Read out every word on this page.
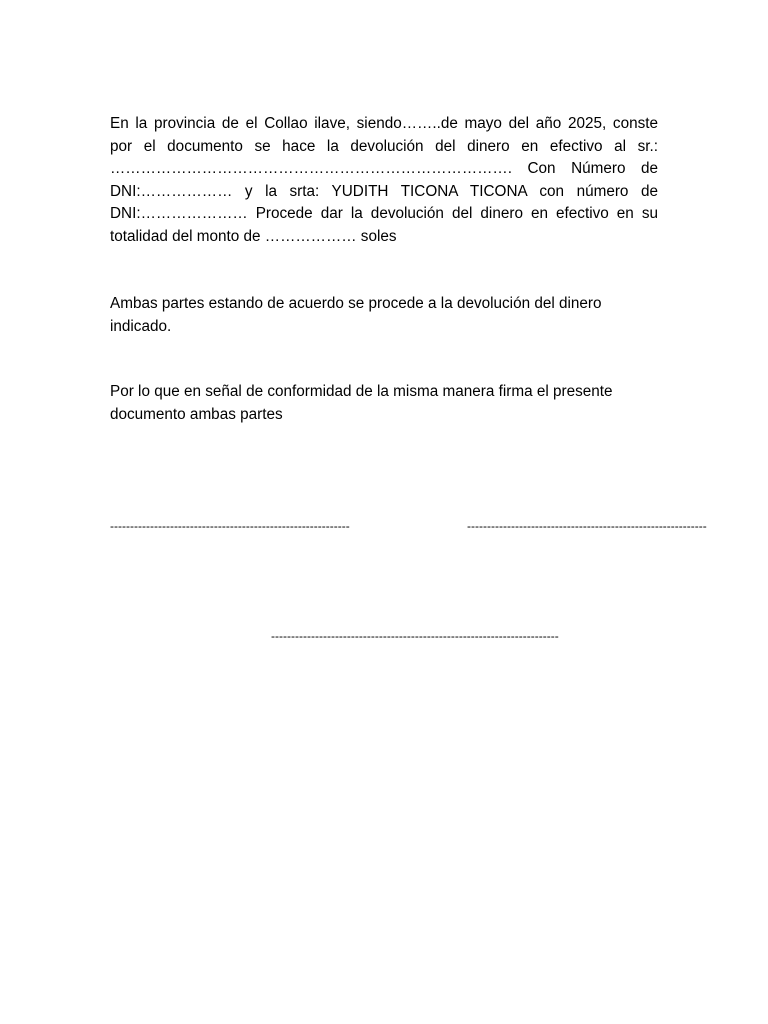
En la provincia de el Collao ilave, siendo……..de mayo del año 2025, conste
por el documento se hace la devolución del dinero en efectivo al sr.:
……………………………………………………………………. Con Número de
DNI:……………… y la srta: YUDITH TICONA TICONA con número de
DNI:………………… Procede dar la devolución del dinero en efectivo en su
totalidad del monto de ……………… soles
Ambas partes estando de acuerdo se procede a la devolución del dinero
indicado.
Por lo que en señal de conformidad de la misma manera firma el presente
documento ambas partes
------------------------------------------------------------	------------------------------------------------------------
------------------------------------------------------------------------
